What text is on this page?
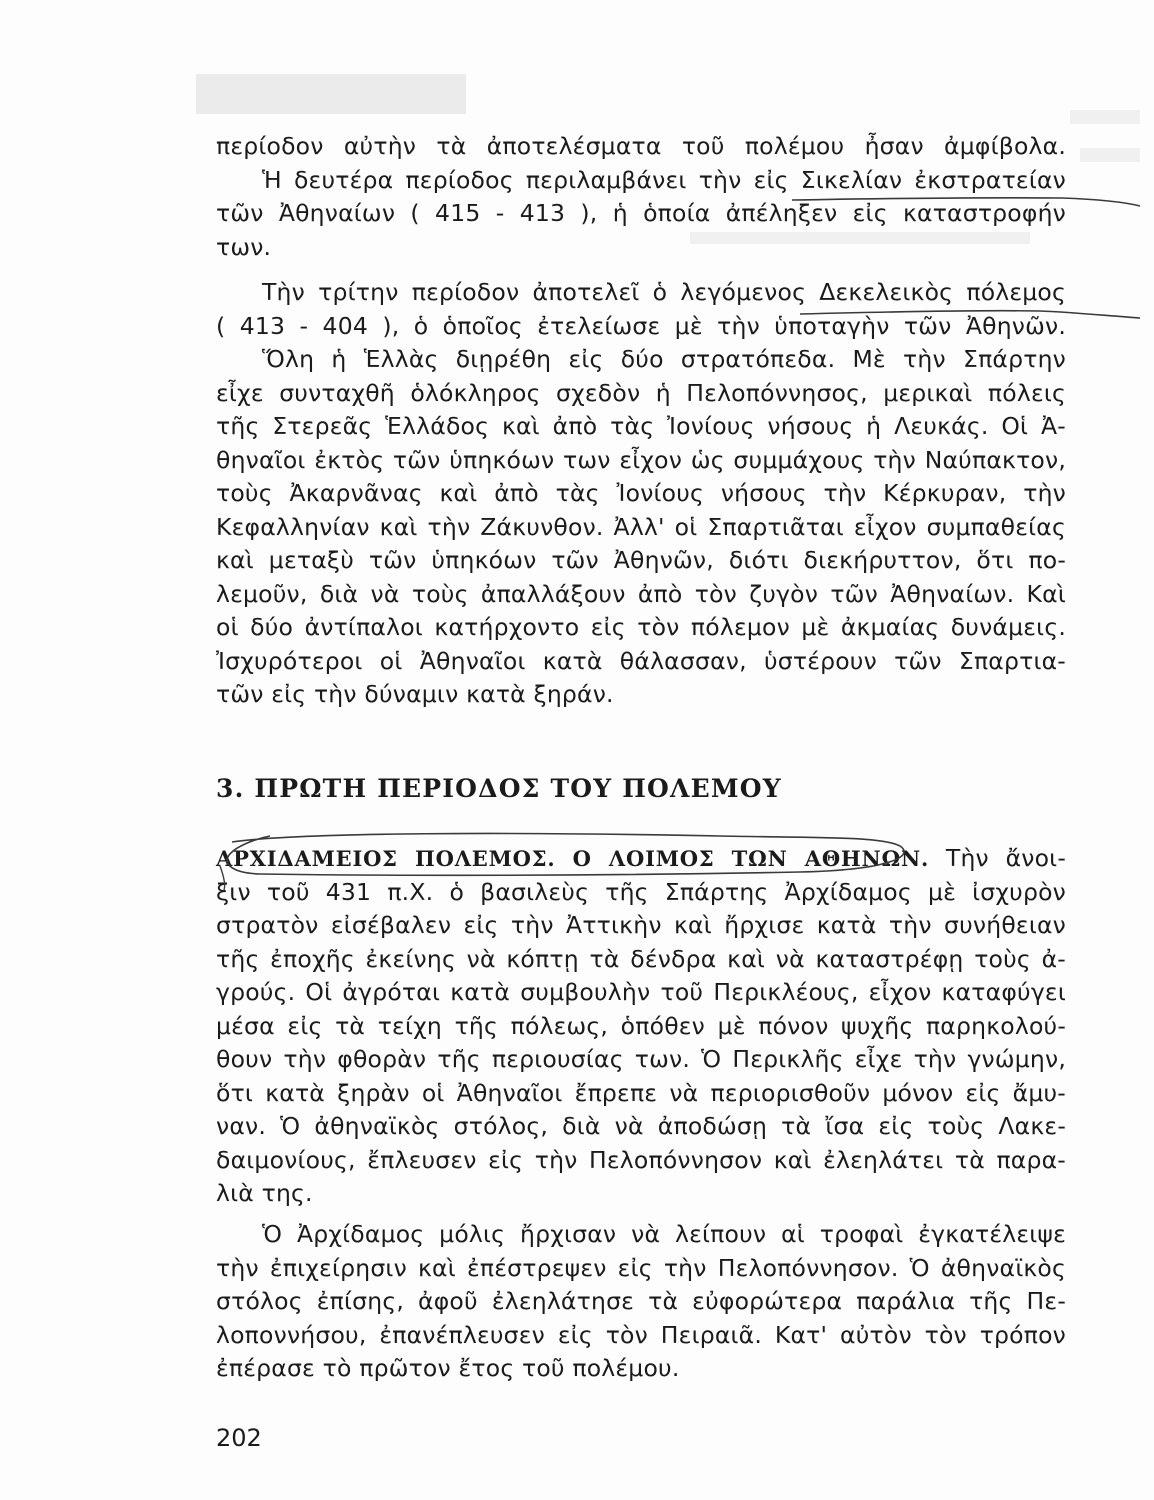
περίοδον αὐτὴν τὰ ἀποτελέσματα τοῦ πολέμου ἦσαν ἀμφίβολα.
Ἡ δευτέρα περίοδος περιλαμβάνει τὴν εἰς Σικελίαν ἐκστρατείαν
τῶν Ἀθηναίων ( 415 - 413 ), ἡ ὁποία ἀπέληξεν εἰς καταστροφήν
των.

Τὴν τρίτην περίοδον ἀποτελεῖ ὁ λεγόμενος Δεκελεικὸς πόλεμος
( 413 - 404 ), ὁ ὁποῖος ἐτελείωσε μὲ τὴν ὑποταγὴν τῶν Ἀθηνῶν.
Ὅλη ἡ Ἑλλὰς διῃρέθη εἰς δύο στρατόπεδα. Μὲ τὴν Σπάρτην
εἶχε συνταχθῆ ὁλόκληρος σχεδὸν ἡ Πελοπόννησος, μερικαὶ πόλεις
τῆς Στερεᾶς Ἑλλάδος καὶ ἀπὸ τὰς Ἰονίους νήσους ἡ Λευκάς. Οἱ Ἀ-
θηναῖοι ἐκτὸς τῶν ὑπηκόων των εἶχον ὡς συμμάχους τὴν Ναύπακτον,
τοὺς Ἀκαρνᾶνας καὶ ἀπὸ τὰς Ἰονίους νήσους τὴν Κέρκυραν, τὴν
Κεφαλληνίαν καὶ τὴν Ζάκυνθον. Ἀλλ' οἱ Σπαρτιᾶται εἶχον συμπαθείας
καὶ μεταξὺ τῶν ὑπηκόων τῶν Ἀθηνῶν, διότι διεκήρυττον, ὅτι πο-
λεμοῦν, διὰ νὰ τοὺς ἀπαλλάξουν ἀπὸ τὸν ζυγὸν τῶν Ἀθηναίων. Καὶ
οἱ δύο ἀντίπαλοι κατήρχοντο εἰς τὸν πόλεμον μὲ ἀκμαίας δυνάμεις.
Ἰσχυρότεροι οἱ Ἀθηναῖοι κατὰ θάλασσαν, ὑστέρουν τῶν Σπαρτια-
τῶν εἰς τὴν δύναμιν κατὰ ξηράν.

3. ΠΡΩΤΗ ΠΕΡΙΟΔΟΣ ΤΟΥ ΠΟΛΕΜΟΥ

ΑΡΧΙΔΑΜΕΙΟΣ ΠΟΛΕΜΟΣ. Ο ΛΟΙΜΟΣ ΤΩΝ ΑΘΗΝΩΝ. Τὴν ἄνοι-
ξιν τοῦ 431 π.Χ. ὁ βασιλεὺς τῆς Σπάρτης Ἀρχίδαμος μὲ ἰσχυρὸν
στρατὸν εἰσέβαλεν εἰς τὴν Ἀττικὴν καὶ ἤρχισε κατὰ τὴν συνήθειαν
τῆς ἐποχῆς ἐκείνης νὰ κόπτῃ τὰ δένδρα καὶ νὰ καταστρέφῃ τοὺς ἀ-
γρούς. Οἱ ἀγρόται κατὰ συμβουλὴν τοῦ Περικλέους, εἶχον καταφύγει
μέσα εἰς τὰ τείχη τῆς πόλεως, ὁπόθεν μὲ πόνον ψυχῆς παρηκολού-
θουν τὴν φθορὰν τῆς περιουσίας των. Ὁ Περικλῆς εἶχε τὴν γνώμην,
ὅτι κατὰ ξηρὰν οἱ Ἀθηναῖοι ἔπρεπε νὰ περιορισθοῦν μόνον εἰς ἄμυ-
ναν. Ὁ ἀθηναϊκὸς στόλος, διὰ νὰ ἀποδώσῃ τὰ ἴσα εἰς τοὺς Λακε-
δαιμονίους, ἔπλευσεν εἰς τὴν Πελοπόννησον καὶ ἐλεηλάτει τὰ παρα-
λιὰ της.

Ὁ Ἀρχίδαμος μόλις ἤρχισαν νὰ λείπουν αἱ τροφαὶ ἐγκατέλειψε
τὴν ἐπιχείρησιν καὶ ἐπέστρεψεν εἰς τὴν Πελοπόννησον. Ὁ ἀθηναϊκὸς
στόλος ἐπίσης, ἀφοῦ ἐλεηλάτησε τὰ εὐφορώτερα παράλια τῆς Πε-
λοποννήσου, ἐπανέπλευσεν εἰς τὸν Πειραιᾶ. Κατ' αὐτὸν τὸν τρόπον
ἐπέρασε τὸ πρῶτον ἔτος τοῦ πολέμου.

202
